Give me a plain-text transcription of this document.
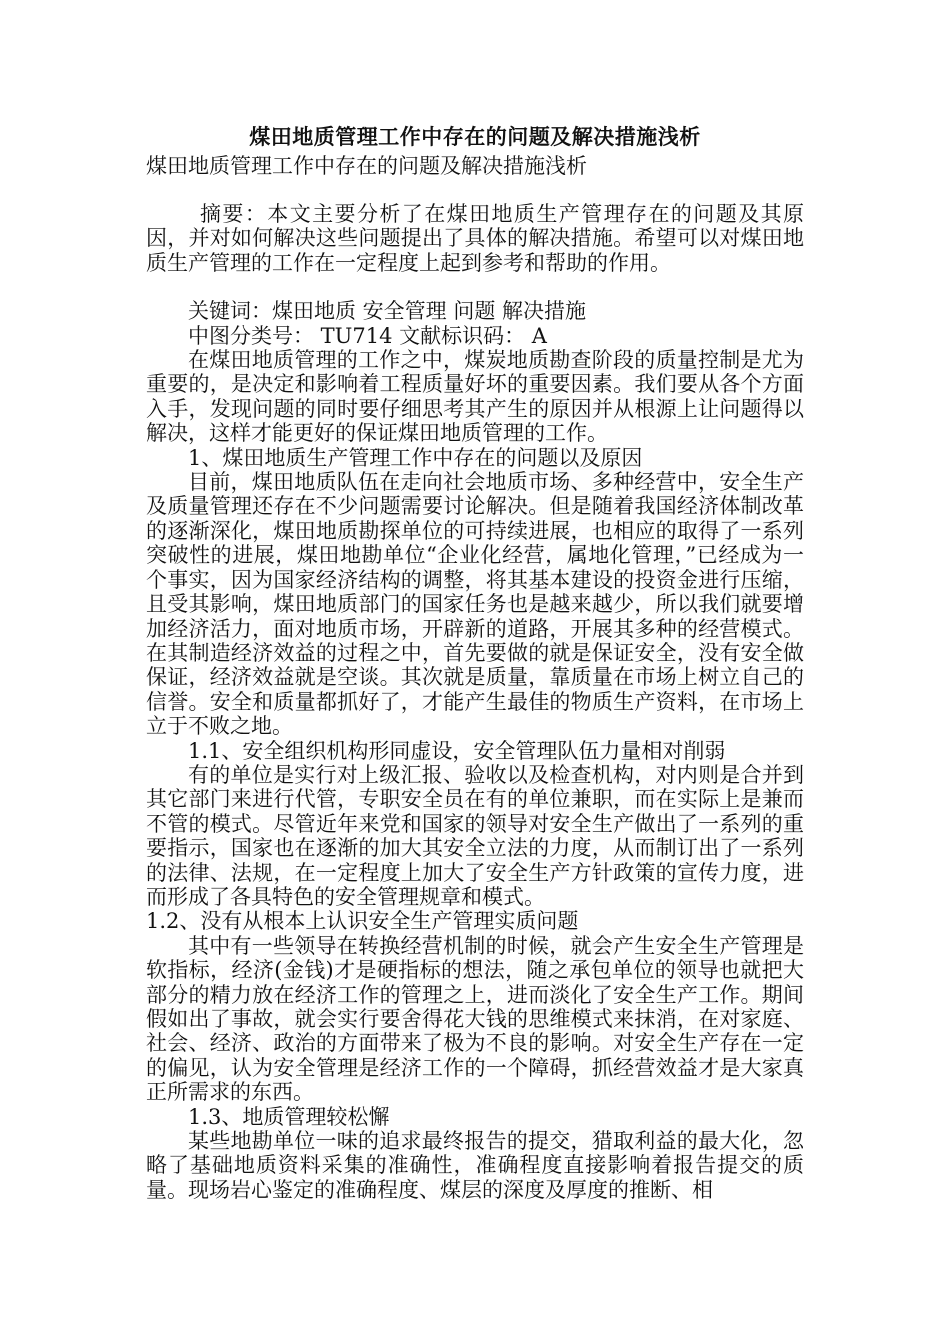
煤田地质管理工作中存在的问题及解决措施浅析

煤田地质管理工作中存在的问题及解决措施浅析

摘要：本文主要分析了在煤田地质生产管理存在的问题及其原因，并对如何解决这些问题提出了具体的解决措施。希望可以对煤田地质生产管理的工作在一定程度上起到参考和帮助的作用。

关键词：煤田地质 安全管理 问题 解决措施

中图分类号： TU714 文献标识码： A

在煤田地质管理的工作之中，煤炭地质勘查阶段的质量控制是尤为重要的，是决定和影响着工程质量好坏的重要因素。我们要从各个方面入手，发现问题的同时要仔细思考其产生的原因并从根源上让问题得以解决，这样才能更好的保证煤田地质管理的工作。

1、煤田地质生产管理工作中存在的问题以及原因

目前，煤田地质队伍在走向社会地质市场、多种经营中，安全生产及质量管理还存在不少问题需要讨论解决。但是随着我国经济体制改革的逐渐深化，煤田地质勘探单位的可持续进展，也相应的取得了一系列突破性的进展，煤田地勘单位“企业化经营，属地化管理，”已经成为一个事实，因为国家经济结构的调整，将其基本建设的投资金进行压缩，且受其影响，煤田地质部门的国家任务也是越来越少，所以我们就要增加经济活力，面对地质市场，开辟新的道路，开展其多种的经营模式。在其制造经济效益的过程之中，首先要做的就是保证安全，没有安全做保证，经济效益就是空谈。其次就是质量，靠质量在市场上树立自己的信誉。安全和质量都抓好了，才能产生最佳的物质生产资料，在市场上立于不败之地。

1.1、安全组织机构形同虚设，安全管理队伍力量相对削弱

有的单位是实行对上级汇报、验收以及检查机构，对内则是合并到其它部门来进行代管，专职安全员在有的单位兼职，而在实际上是兼而不管的模式。尽管近年来党和国家的领导对安全生产做出了一系列的重要指示，国家也在逐渐的加大其安全立法的力度，从而制订出了一系列的法律、法规，在一定程度上加大了安全生产方针政策的宣传力度，进而形成了各具特色的安全管理规章和模式。

1.2、没有从根本上认识安全生产管理实质问题

其中有一些领导在转换经营机制的时候，就会产生安全生产管理是软指标，经济(金钱)才是硬指标的想法，随之承包单位的领导也就把大部分的精力放在经济工作的管理之上，进而淡化了安全生产工作。期间假如出了事故，就会实行要舍得花大钱的思维模式来抹消，在对家庭、社会、经济、政治的方面带来了极为不良的影响。对安全生产存在一定的偏见，认为安全管理是经济工作的一个障碍，抓经营效益才是大家真正所需求的东西。

1.3、地质管理较松懈

某些地勘单位一味的追求最终报告的提交，猎取利益的最大化，忽略了基础地质资料采集的准确性，准确程度直接影响着报告提交的质量。现场岩心鉴定的准确程度、煤层的深度及厚度的推断、相
